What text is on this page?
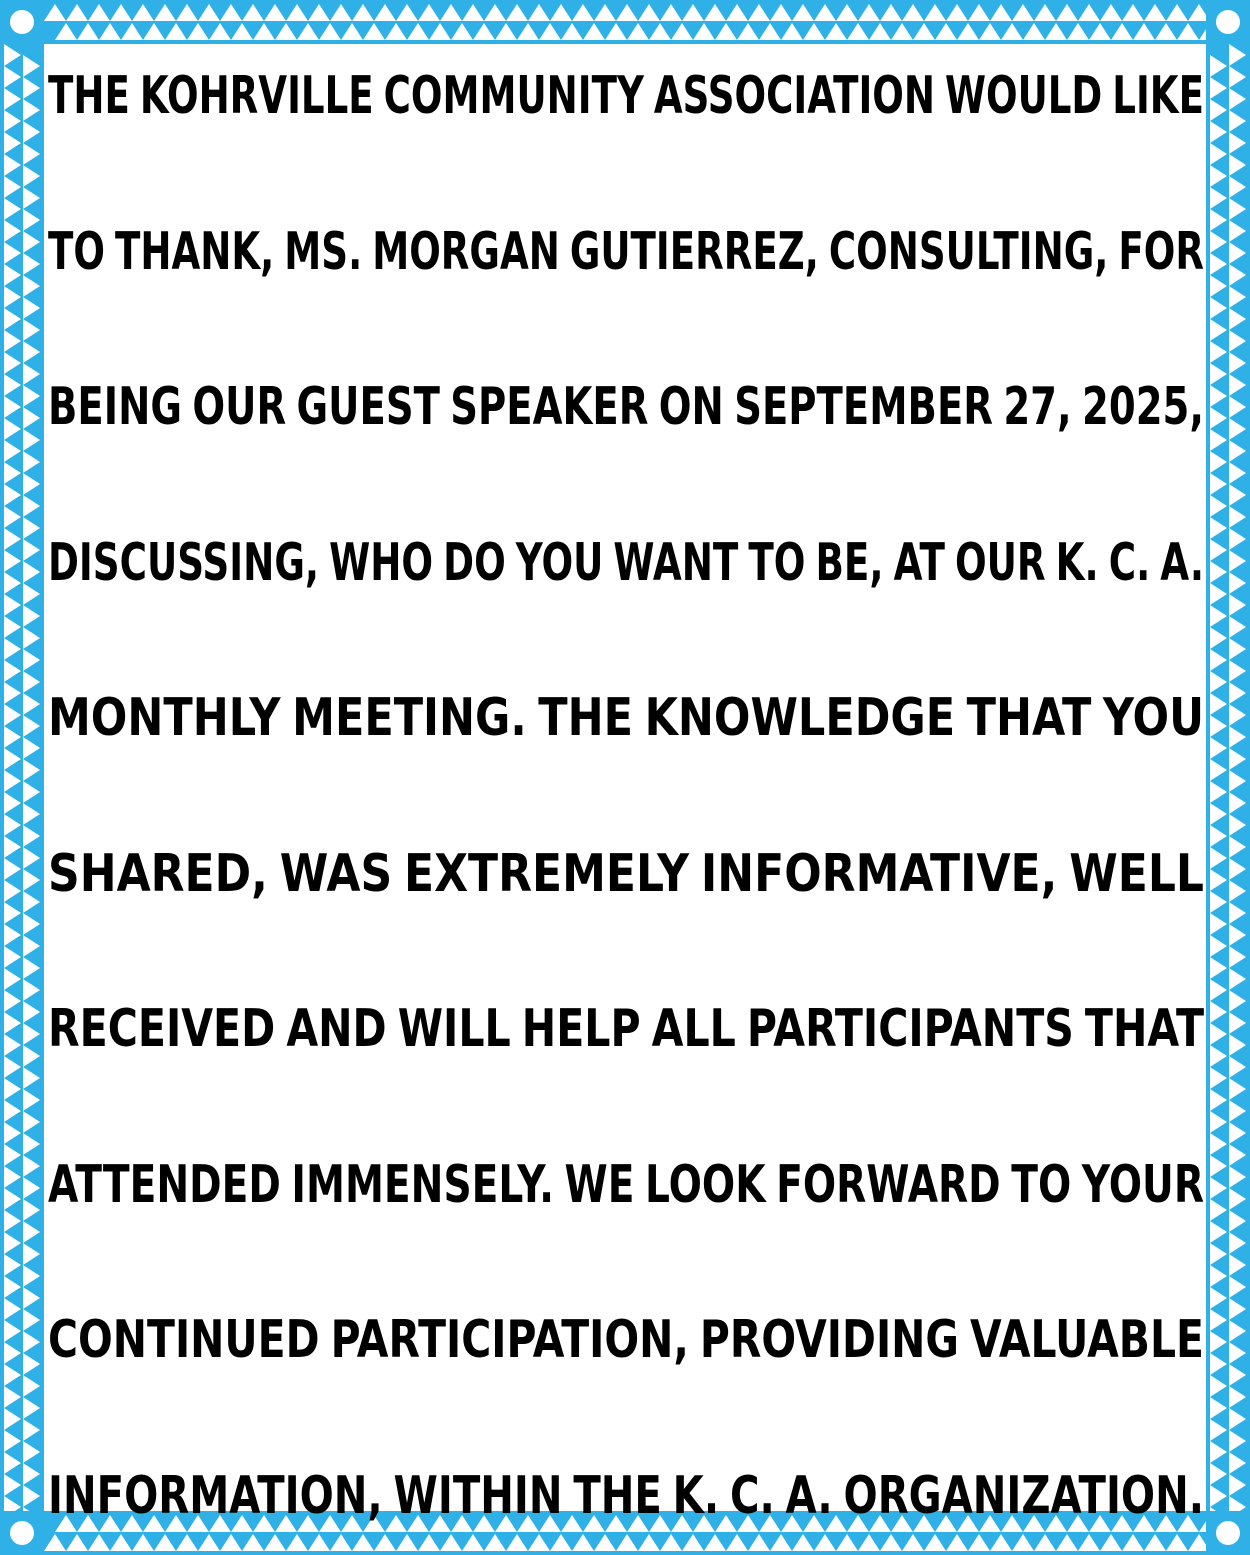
THE KOHRVILLE COMMUNITY ASSOCIATION WOULD LIKE

TO THANK, MS. MORGAN GUTIERREZ, CONSULTING, FOR

BEING OUR GUEST SPEAKER ON SEPTEMBER 27, 2025,

DISCUSSING, WHO DO YOU WANT TO BE, AT OUR K. C. A.

MONTHLY MEETING. THE KNOWLEDGE THAT YOU

SHARED, WAS EXTREMELY INFORMATIVE, WELL

RECEIVED AND WILL HELP ALL PARTICIPANTS THAT

ATTENDED IMMENSELY. WE LOOK FORWARD TO YOUR

CONTINUED PARTICIPATION, PROVIDING VALUABLE

INFORMATION, WITHIN THE K. C. A. ORGANIZATION.
